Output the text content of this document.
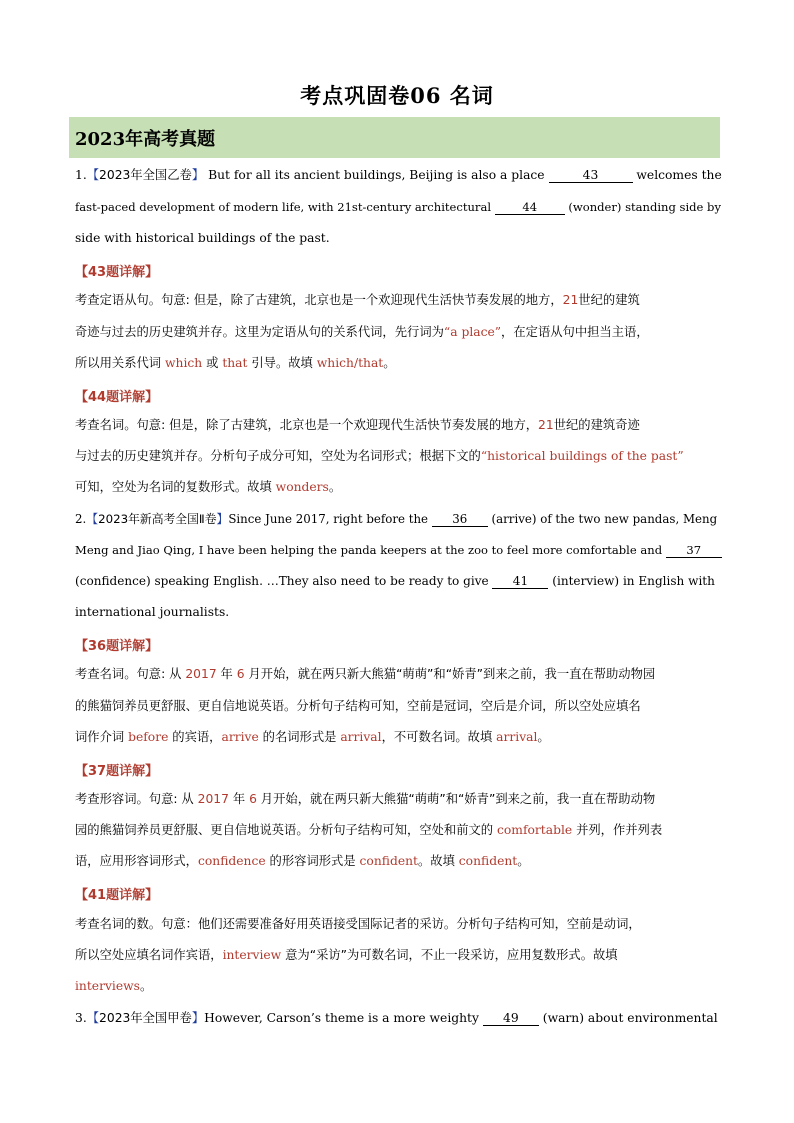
考点巩固卷06 名词
2023年高考真题
1.【2023年全国乙卷】 But for all its ancient buildings, Beijing is also a place	43	welcomes the
fast-paced development of modern life, with 21st-century architectural 44 (wonder) standing side by
side with historical buildings of the past.
【43题详解】
考查定语从句。句意: 但是，除了古建筑，北京也是一个欢迎现代生活快节奏发展的地方，21世纪的建筑
奇迹与过去的历史建筑并存。这里为定语从句的关系代词，先行词为“a place”，在定语从句中担当主语，
所以用关系代词 which 或 that 引导。故填 which/that。
【44题详解】
考查名词。句意: 但是，除了古建筑，北京也是一个欢迎现代生活快节奏发展的地方，21世纪的建筑奇迹
与过去的历史建筑并存。分析句子成分可知，空处为名词形式；根据下文的“historical buildings of the past”
可知，空处为名词的复数形式。故填 wonders。
2.【2023年新高考全国Ⅱ卷】Since June 2017, right before the 36 (arrive) of the two new pandas, Meng
Meng and Jiao Qing, I have been helping the panda keepers at the zoo to feel more comfortable and 37
(confidence) speaking English. …They also need to be ready to give 41 (interview) in English with
international journalists.
【36题详解】
考查名词。句意: 从 2017 年 6 月开始，就在两只新大熊猫“萌萌”和“娇青”到来之前，我一直在帮助动物园
的熊猫饲养员更舒服、更自信地说英语。分析句子结构可知，空前是冠词，空后是介词，所以空处应填名
词作介词 before 的宾语，arrive 的名词形式是 arrival，不可数名词。故填 arrival。
【37题详解】
考查形容词。句意: 从 2017 年 6 月开始，就在两只新大熊猫“萌萌”和“娇青”到来之前，我一直在帮助动物
园的熊猫饲养员更舒服、更自信地说英语。分析句子结构可知，空处和前文的 comfortable 并列，作并列表
语，应用形容词形式，confidence 的形容词形式是 confident。故填 confident。
【41题详解】
考查名词的数。句意：他们还需要准备好用英语接受国际记者的采访。分析句子结构可知，空前是动词，
所以空处应填名词作宾语，interview 意为“采访”为可数名词，不止一段采访，应用复数形式。故填
interviews。
3.【2023年全国甲卷】However, Carson’s theme is a more weighty 49 (warn) about environmental
